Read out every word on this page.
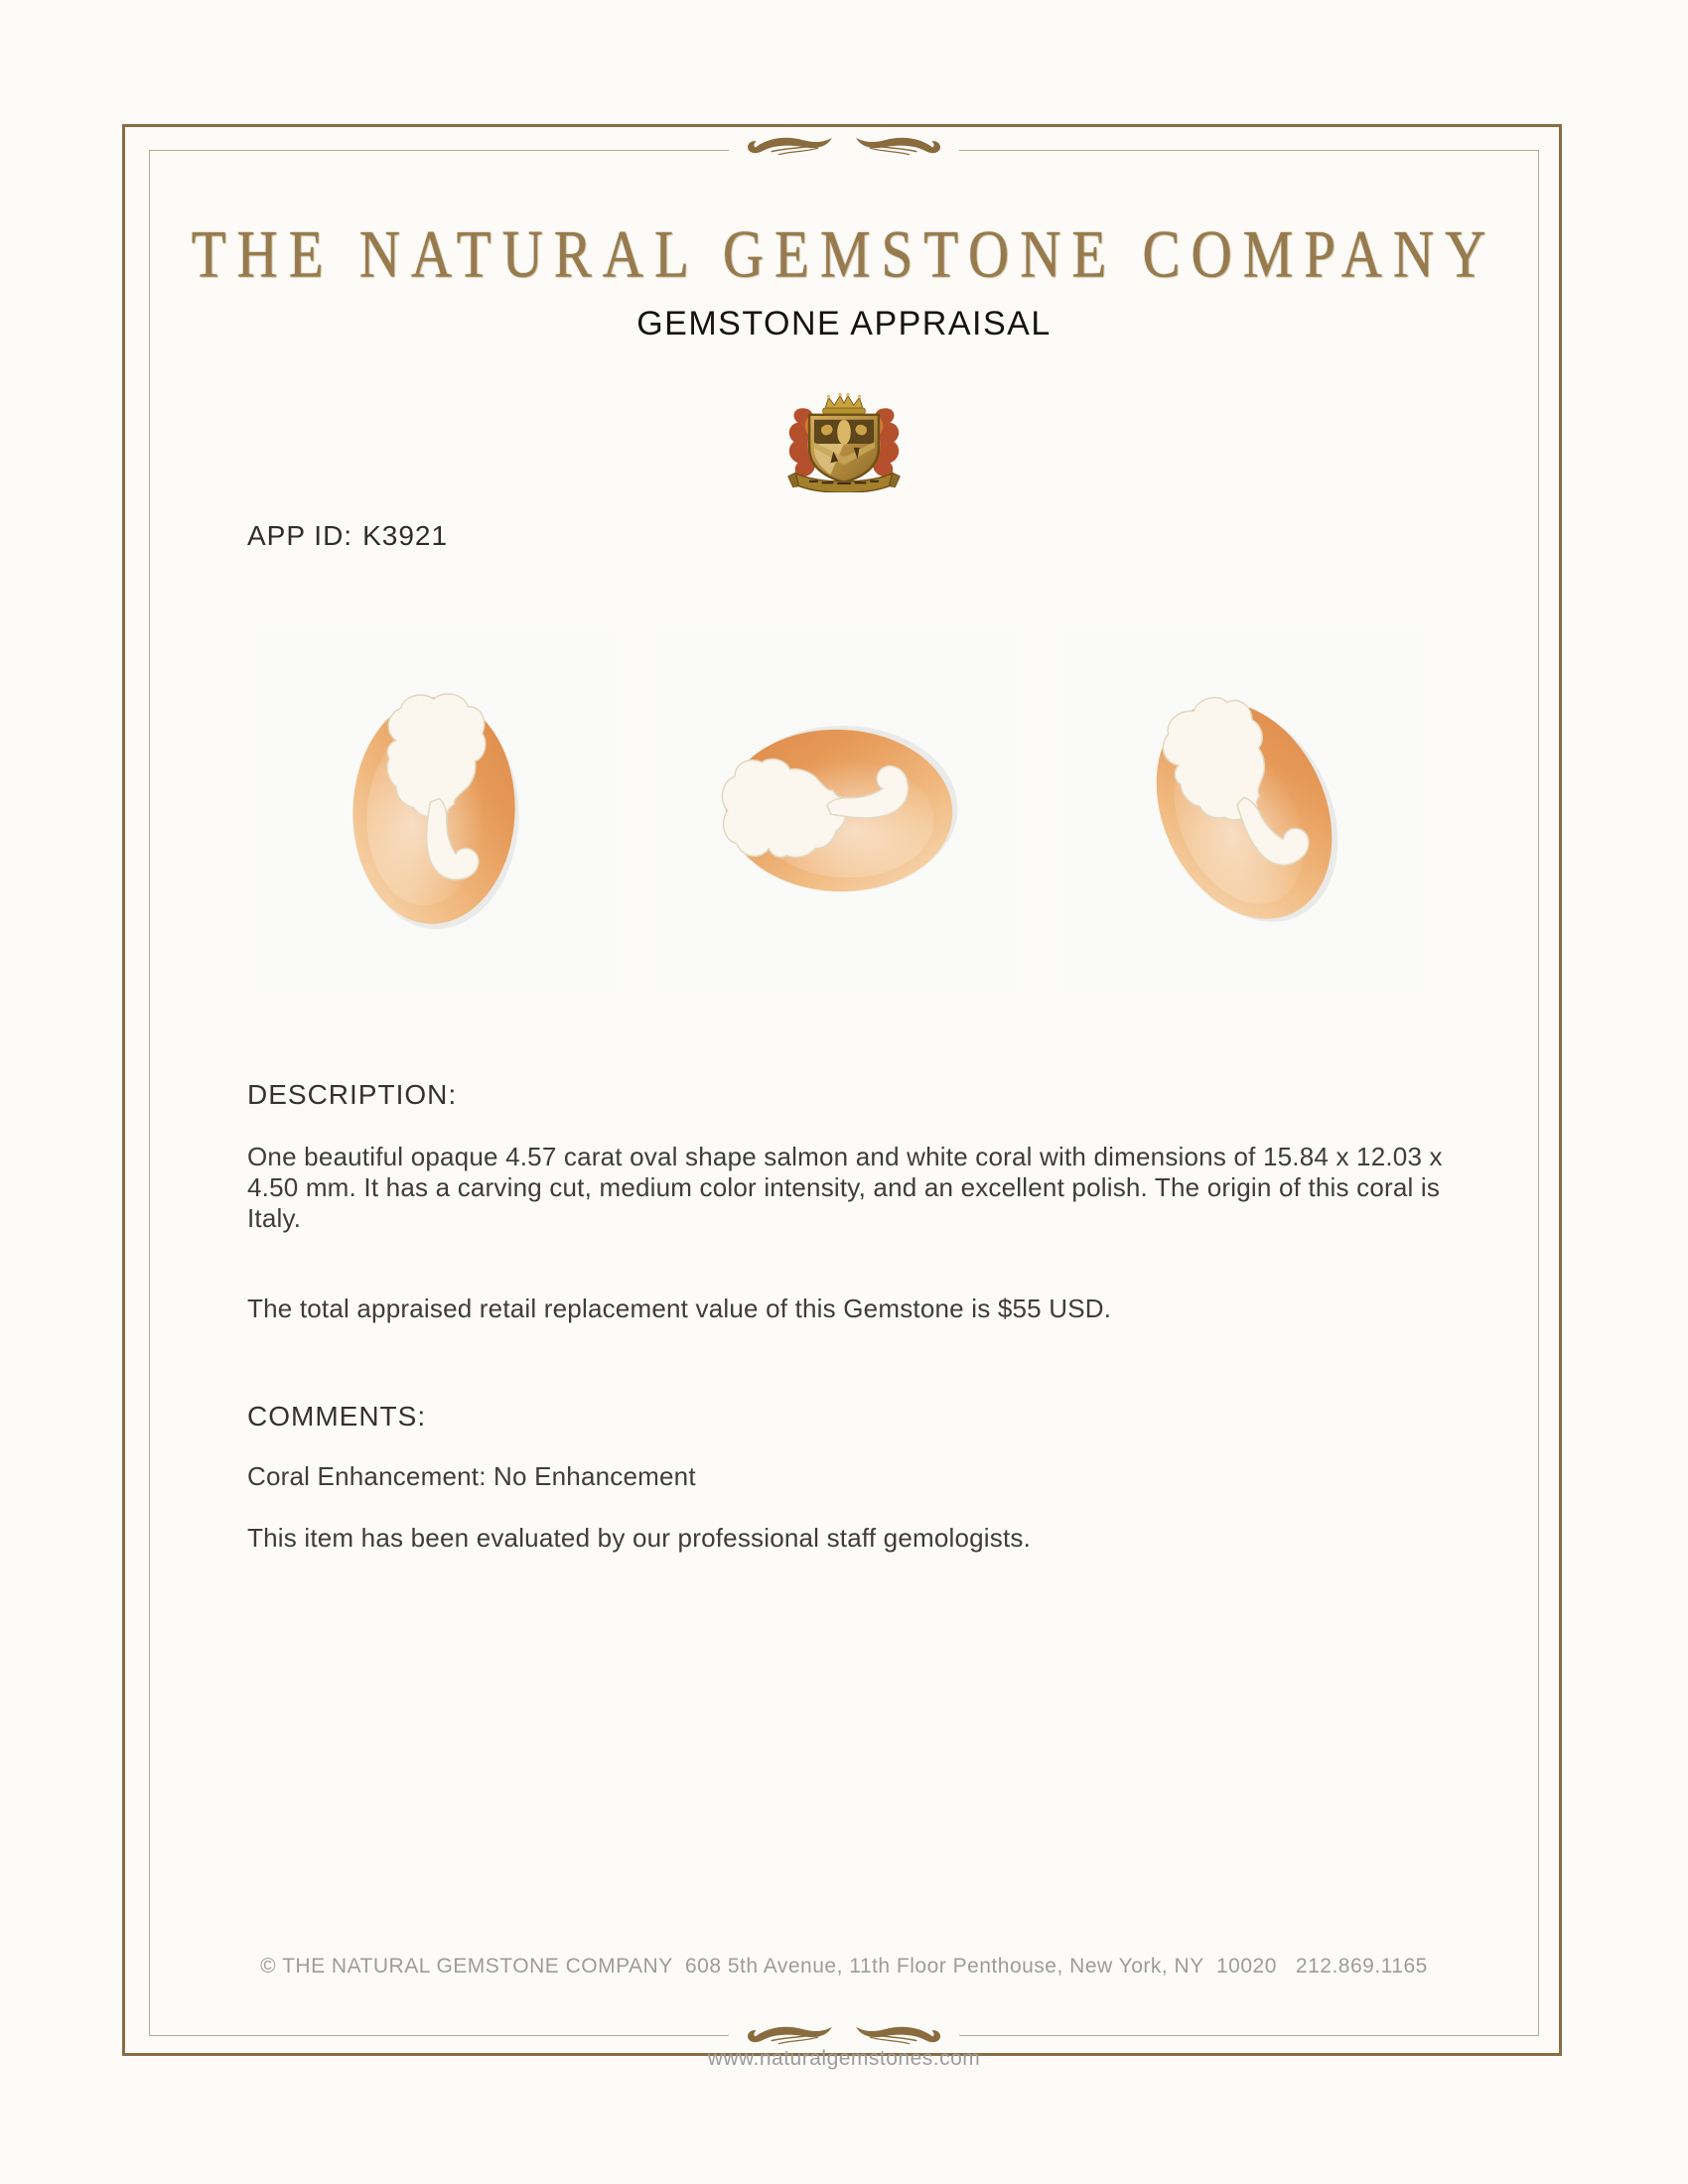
THE NATURAL GEMSTONE COMPANY
GEMSTONE APPRAISAL
APP ID: K3921
DESCRIPTION:
One beautiful opaque 4.57 carat oval shape salmon and white coral with dimensions of 15.84 x 12.03 x 4.50 mm. It has a carving cut, medium color intensity, and an excellent polish. The origin of this coral is Italy.
The total appraised retail replacement value of this Gemstone is $55 USD.
COMMENTS:
Coral Enhancement: No Enhancement
This item has been evaluated by our professional staff gemologists.

© THE NATURAL GEMSTONE COMPANY  608 5th Avenue, 11th Floor Penthouse, New York, NY  10020   212.869.1165

www.naturalgemstones.com
